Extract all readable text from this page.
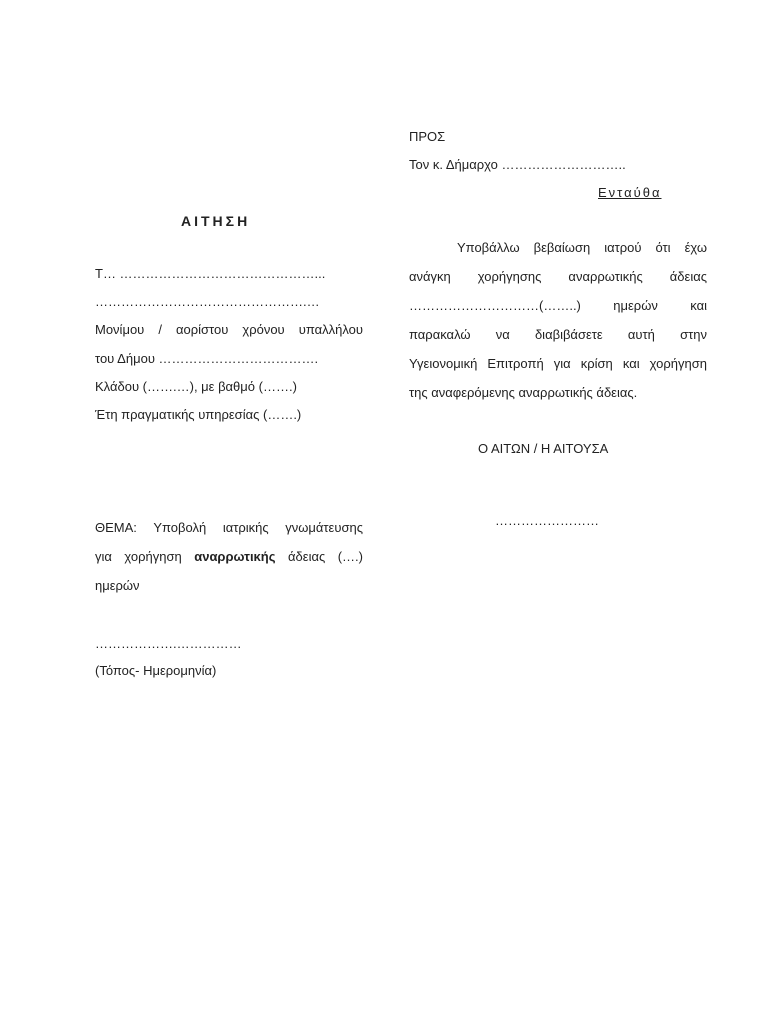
ΑΙΤΗΣΗ
Τ… ………………………………………...
………………………………………….…
Μονίμου / αορίστου χρόνου υπαλλήλου
του Δήμου ……………………………….
Κλάδου (…….…), με βαθμό (…….)
Έτη πραγματικής υπηρεσίας (…….)
ΘΕΜΑ: Υποβολή ιατρικής γνωμάτευσης
για χορήγηση αναρρωτικής άδειας (….)
ημερών
……………….……………
(Τόπος- Ημερομηνία)
ΠΡΟΣ
Τον κ. Δήμαρχο ………………………..
Ενταύθα
Υποβάλλω βεβαίωση ιατρού ότι έχω
ανάγκη χορήγησης αναρρωτικής άδειας
…………………………(……..) ημερών και
παρακαλώ να διαβιβάσετε αυτή στην
Υγειονομική Επιτροπή για κρίση και χορήγηση
της αναφερόμενης αναρρωτικής άδειας.
Ο ΑΙΤΩΝ / Η ΑΙΤΟΥΣΑ
……………………
